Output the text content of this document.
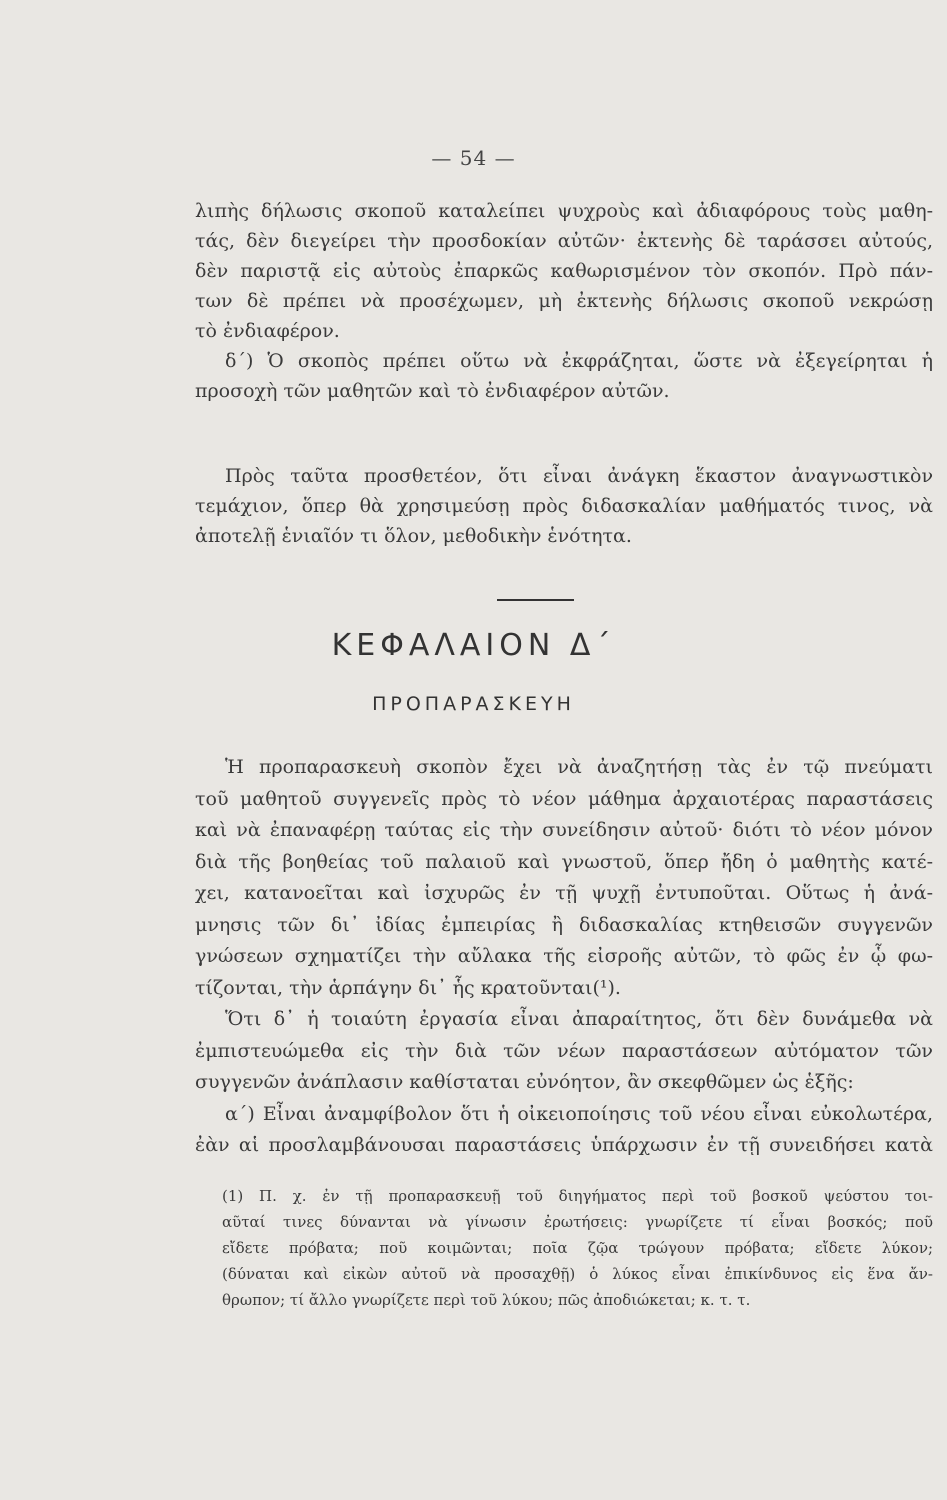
— 54 —
λιπὴς δήλωσις σκοποῦ καταλείπει ψυχροὺς καὶ ἀδιαφόρους τοὺς μαθη-
τάς, δὲν διεγείρει τὴν προσδοκίαν αὐτῶν· ἐκτενὴς δὲ ταράσσει αὐτούς,
δὲν παριστᾷ εἰς αὐτοὺς ἐπαρκῶς καθωρισμένον τὸν σκοπόν. Πρὸ πάν-
των δὲ πρέπει νὰ προσέχωμεν, μὴ ἐκτενὴς δήλωσις σκοποῦ νεκρώσῃ
τὸ ἐνδιαφέρον.
δ΄) Ὁ σκοπὸς πρέπει οὕτω νὰ ἐκφράζηται, ὥστε νὰ ἐξεγείρηται ἡ
προσοχὴ τῶν μαθητῶν καὶ τὸ ἐνδιαφέρον αὐτῶν.
Πρὸς ταῦτα προσθετέον, ὅτι εἶναι ἀνάγκη ἕκαστον ἀναγνωστικὸν
τεμάχιον, ὅπερ θὰ χρησιμεύσῃ πρὸς διδασκαλίαν μαθήματός τινος, νὰ
ἀποτελῇ ἑνιαῖόν τι ὅλον, μεθοδικὴν ἑνότητα.
ΚΕΦΑΛΑΙΟΝ Δ΄
ΠΡΟΠΑΡΑΣΚΕΥΗ
Ἡ προπαρασκευὴ σκοπὸν ἔχει νὰ ἀναζητήσῃ τὰς ἐν τῷ πνεύματι
τοῦ μαθητοῦ συγγενεῖς πρὸς τὸ νέον μάθημα ἀρχαιοτέρας παραστάσεις
καὶ νὰ ἐπαναφέρῃ ταύτας εἰς τὴν συνείδησιν αὐτοῦ· διότι τὸ νέον μόνον
διὰ τῆς βοηθείας τοῦ παλαιοῦ καὶ γνωστοῦ, ὅπερ ἤδη ὁ μαθητὴς κατέ-
χει, κατανοεῖται καὶ ἰσχυρῶς ἐν τῇ ψυχῇ ἐντυποῦται. Οὕτως ἡ ἀνά-
μνησις τῶν δι᾽ ἰδίας ἐμπειρίας ἢ διδασκαλίας κτηθεισῶν συγγενῶν
γνώσεων σχηματίζει τὴν αὔλακα τῆς εἰσροῆς αὐτῶν, τὸ φῶς ἐν ᾧ φω-
τίζονται, τὴν ἁρπάγην δι᾽ ἧς κρατοῦνται(¹).
Ὅτι δ᾽ ἡ τοιαύτη ἐργασία εἶναι ἀπαραίτητος, ὅτι δὲν δυνάμεθα νὰ
ἐμπιστευώμεθα εἰς τὴν διὰ τῶν νέων παραστάσεων αὐτόματον τῶν
συγγενῶν ἀνάπλασιν καθίσταται εὐνόητον, ἂν σκεφθῶμεν ὡς ἑξῆς:
α΄) Εἶναι ἀναμφίβολον ὅτι ἡ οἰκειοποίησις τοῦ νέου εἶναι εὐκολωτέρα,
ἐὰν αἱ προσλαμβάνουσαι παραστάσεις ὑπάρχωσιν ἐν τῇ συνειδήσει κατὰ
(1) Π. χ. ἐν τῇ προπαρασκευῇ τοῦ διηγήματος περὶ τοῦ βοσκοῦ ψεύστου τοι-
αῦταί τινες δύνανται νὰ γίνωσιν ἐρωτήσεις: γνωρίζετε τί εἶναι βοσκός; ποῦ
εἴδετε πρόβατα; ποῦ κοιμῶνται; ποῖα ζῷα τρώγουν πρόβατα; εἴδετε λύκον;
(δύναται καὶ εἰκὼν αὐτοῦ νὰ προσαχθῇ) ὁ λύκος εἶναι ἐπικίνδυνος εἰς ἕνα ἄν-
θρωπον; τί ἄλλο γνωρίζετε περὶ τοῦ λύκου; πῶς ἀποδιώκεται; κ. τ. τ.
